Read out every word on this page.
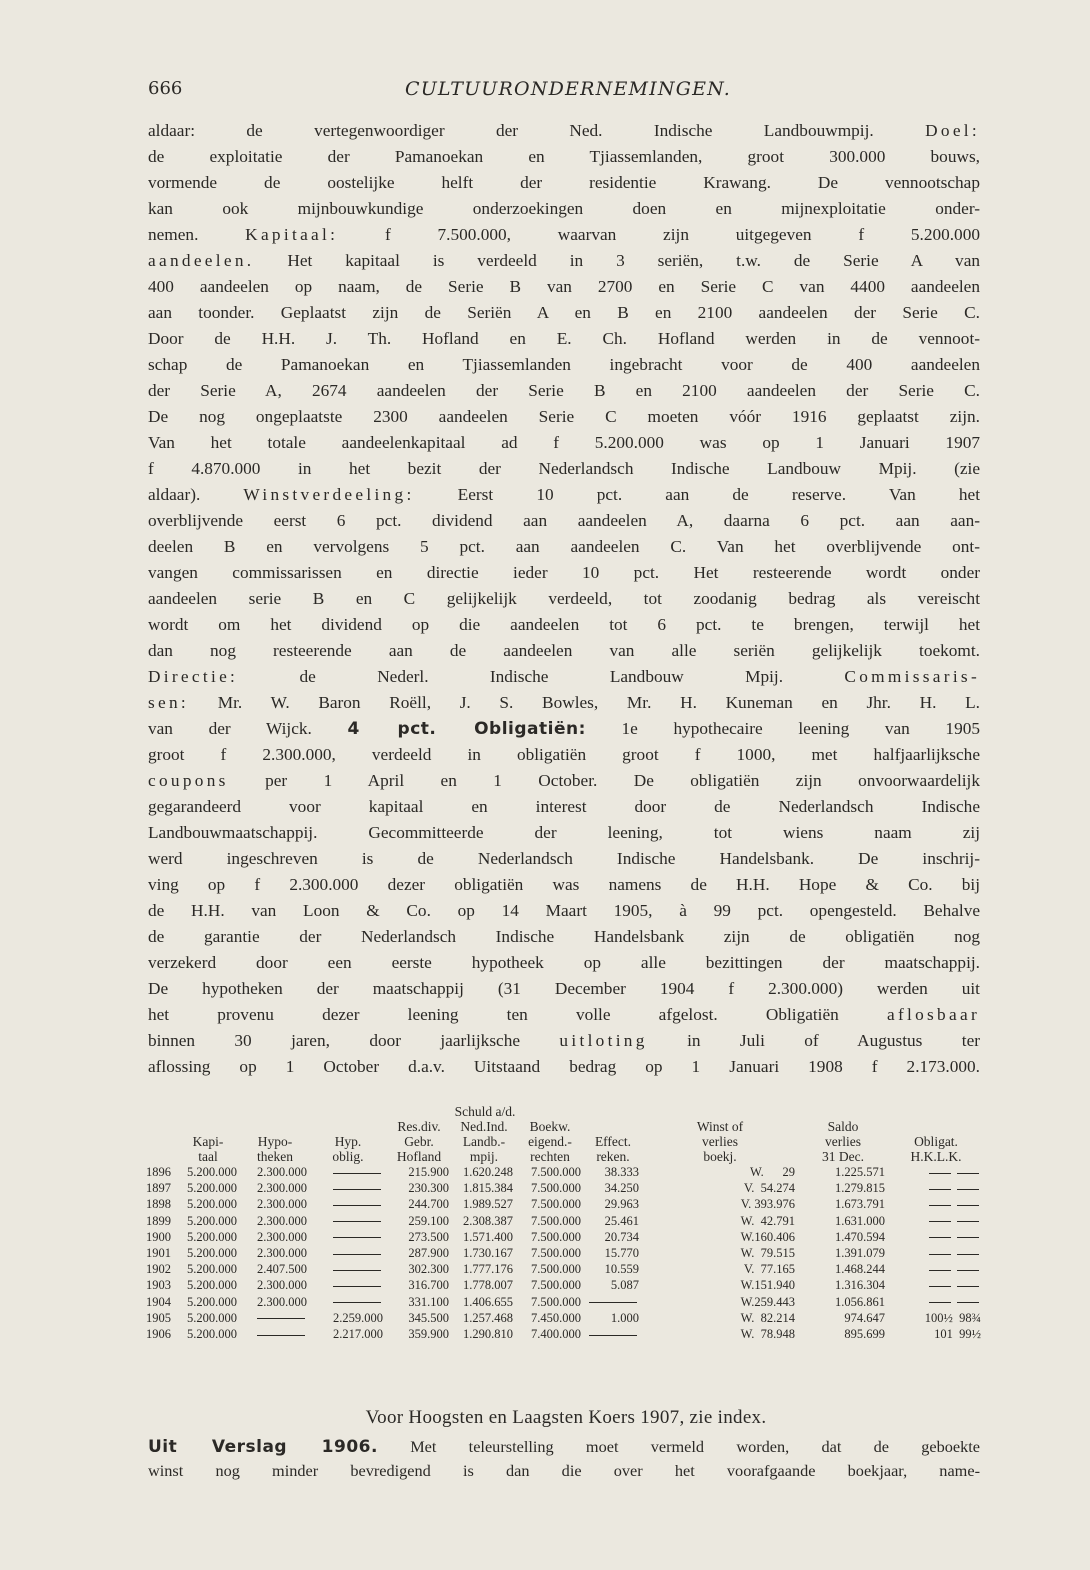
666	CULTUURONDERNEMINGEN.

aldaar: de vertegenwoordiger der Ned. Indische Landbouwmpij. Doel:

de exploitatie der Pamanoekan en Tjiassemlanden, groot 300.000 bouws,

vormende de oostelijke helft der residentie Krawang. De vennootschap

kan ook mijnbouwkundige onderzoekingen doen en mijnexploitatie onder-

nemen. Kapitaal: f 7.500.000, waarvan zijn uitgegeven f 5.200.000

aandeelen. Het kapitaal is verdeeld in 3 seriën, t.w. de Serie A van

400 aandeelen op naam, de Serie B van 2700 en Serie C van 4400 aandeelen

aan toonder. Geplaatst zijn de Seriën A en B en 2100 aandeelen der Serie C.

Door de H.H. J. Th. Hofland en E. Ch. Hofland werden in de vennoot-

schap de Pamanoekan en Tjiassemlanden ingebracht voor de 400 aandeelen

der Serie A, 2674 aandeelen der Serie B en 2100 aandeelen der Serie C.

De nog ongeplaatste 2300 aandeelen Serie C moeten vóór 1916 geplaatst zijn.

Van het totale aandeelenkapitaal ad f 5.200.000 was op 1 Januari 1907

f 4.870.000 in het bezit der Nederlandsch Indische Landbouw Mpij. (zie

aldaar). Winstverdeeling: Eerst 10 pct. aan de reserve. Van het

overblijvende eerst 6 pct. dividend aan aandeelen A, daarna 6 pct. aan aan-

deelen B en vervolgens 5 pct. aan aandeelen C. Van het overblijvende ont-

vangen commissarissen en directie ieder 10 pct. Het resteerende wordt onder

aandeelen serie B en C gelijkelijk verdeeld, tot zoodanig bedrag als vereischt

wordt om het dividend op die aandeelen tot 6 pct. te brengen, terwijl het

dan nog resteerende aan de aandeelen van alle seriën gelijkelijk toekomt.

Directie: de Nederl. Indische Landbouw Mpij. Commissaris-

sen: Mr. W. Baron Roëll, J. S. Bowles, Mr. H. Kuneman en Jhr. H. L.

van der Wijck. 4 pct. Obligatiën: 1e hypothecaire leening van 1905

groot f 2.300.000, verdeeld in obligatiën groot f 1000, met halfjaarlijksche

coupons per 1 April en 1 October. De obligatiën zijn onvoorwaardelijk

gegarandeerd voor kapitaal en interest door de Nederlandsch Indische

Landbouwmaatschappij. Gecommitteerde der leening, tot wiens naam zij

werd ingeschreven is de Nederlandsch Indische Handelsbank. De inschrij-

ving op f 2.300.000 dezer obligatiën was namens de H.H. Hope & Co. bij

de H.H. van Loon & Co. op 14 Maart 1905, à 99 pct. opengesteld. Behalve

de garantie der Nederlandsch Indische Handelsbank zijn de obligatiën nog

verzekerd door een eerste hypotheek op alle bezittingen der maatschappij.

De hypotheken der maatschappij (31 December 1904 f 2.300.000) werden uit

het provenu dezer leening ten volle afgelost. Obligatiën aflosbaar

binnen 30 jaren, door jaarlijksche uitloting in Juli of Augustus ter

aflossing op 1 October d.a.v. Uitstaand bedrag op 1 Januari 1908 f 2.173.000.

				Schuld a/d.						
				Res.div.	Ned.Ind.	Boekw.		Winst of	Saldo	
	Kapi-	Hypo-	Hyp.	Gebr.	Landb.-	eigend.-	Effect.	verlies	verlies	Obligat.
	taal	theken	oblig.	Hofland	mpij.	rechten	reken.	boekj.	31 Dec.	H.K.L.K.
1896	5.200.000	2.300.000		215.900	1.620.248	7.500.000	38.333	W.      29	1.225.571	
1897	5.200.000	2.300.000		230.300	1.815.384	7.500.000	34.250	V.  54.274	1.279.815	
1898	5.200.000	2.300.000		244.700	1.989.527	7.500.000	29.963	V. 393.976	1.673.791	
1899	5.200.000	2.300.000		259.100	2.308.387	7.500.000	25.461	W.  42.791	1.631.000	
1900	5.200.000	2.300.000		273.500	1.571.400	7.500.000	20.734	W.160.406	1.470.594	
1901	5.200.000	2.300.000		287.900	1.730.167	7.500.000	15.770	W.  79.515	1.391.079	
1902	5.200.000	2.407.500		302.300	1.777.176	7.500.000	10.559	V.  77.165	1.468.244	
1903	5.200.000	2.300.000		316.700	1.778.007	7.500.000	5.087	W.151.940	1.316.304	
1904	5.200.000	2.300.000		331.100	1.406.655	7.500.000		W.259.443	1.056.861	
1905	5.200.000		2.259.000	345.500	1.257.468	7.450.000	1.000	W.  82.214	974.647	100½  98¾
1906	5.200.000		2.217.000	359.900	1.290.810	7.400.000		W.  78.948	895.699	101  99½
Voor Hoogsten en Laagsten Koers 1907, zie index.

Uit Verslag 1906. Met teleurstelling moet vermeld worden, dat de geboekte

winst nog minder bevredigend is dan die over het voorafgaande boekjaar, name-
